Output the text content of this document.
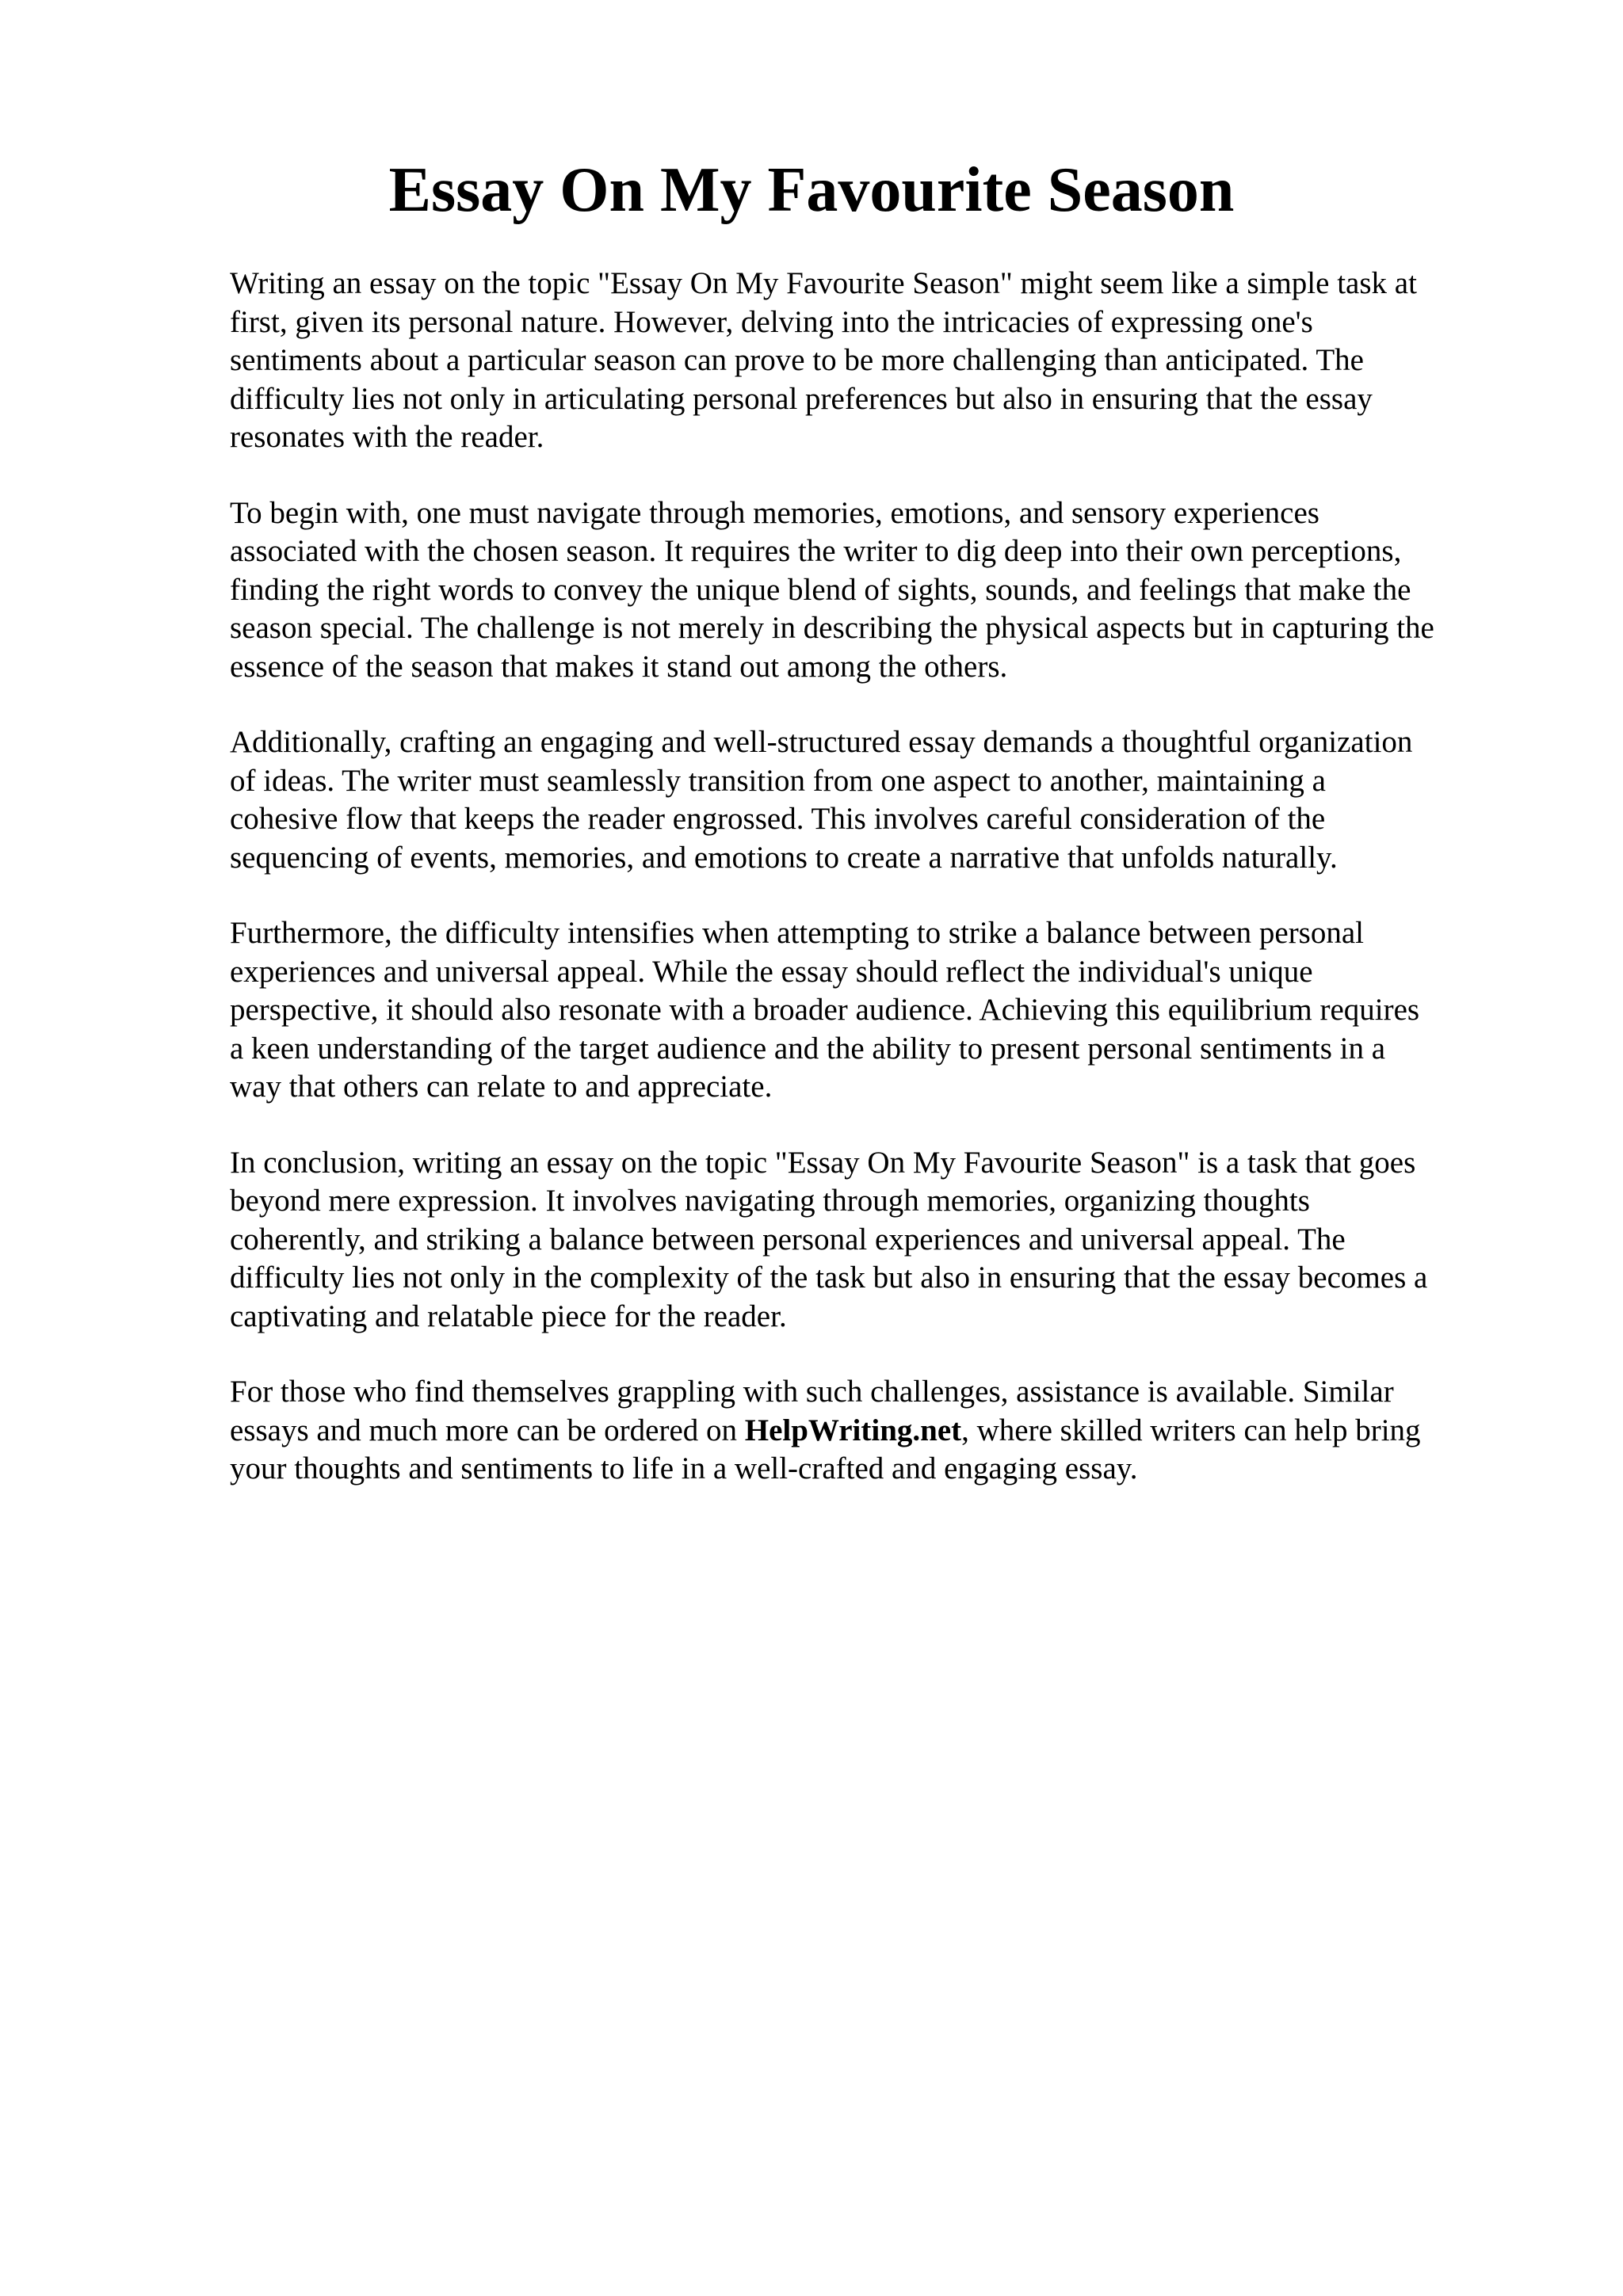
Essay On My Favourite Season

Writing an essay on the topic "Essay On My Favourite Season" might seem like a simple task at
first, given its personal nature. However, delving into the intricacies of expressing one's
sentiments about a particular season can prove to be more challenging than anticipated. The
difficulty lies not only in articulating personal preferences but also in ensuring that the essay
resonates with the reader.

To begin with, one must navigate through memories, emotions, and sensory experiences
associated with the chosen season. It requires the writer to dig deep into their own perceptions,
finding the right words to convey the unique blend of sights, sounds, and feelings that make the
season special. The challenge is not merely in describing the physical aspects but in capturing the
essence of the season that makes it stand out among the others.

Additionally, crafting an engaging and well-structured essay demands a thoughtful organization
of ideas. The writer must seamlessly transition from one aspect to another, maintaining a
cohesive flow that keeps the reader engrossed. This involves careful consideration of the
sequencing of events, memories, and emotions to create a narrative that unfolds naturally.

Furthermore, the difficulty intensifies when attempting to strike a balance between personal
experiences and universal appeal. While the essay should reflect the individual's unique
perspective, it should also resonate with a broader audience. Achieving this equilibrium requires
a keen understanding of the target audience and the ability to present personal sentiments in a
way that others can relate to and appreciate.

In conclusion, writing an essay on the topic "Essay On My Favourite Season" is a task that goes
beyond mere expression. It involves navigating through memories, organizing thoughts
coherently, and striking a balance between personal experiences and universal appeal. The
difficulty lies not only in the complexity of the task but also in ensuring that the essay becomes a
captivating and relatable piece for the reader.

For those who find themselves grappling with such challenges, assistance is available. Similar
essays and much more can be ordered on HelpWriting.net, where skilled writers can help bring
your thoughts and sentiments to life in a well-crafted and engaging essay.
